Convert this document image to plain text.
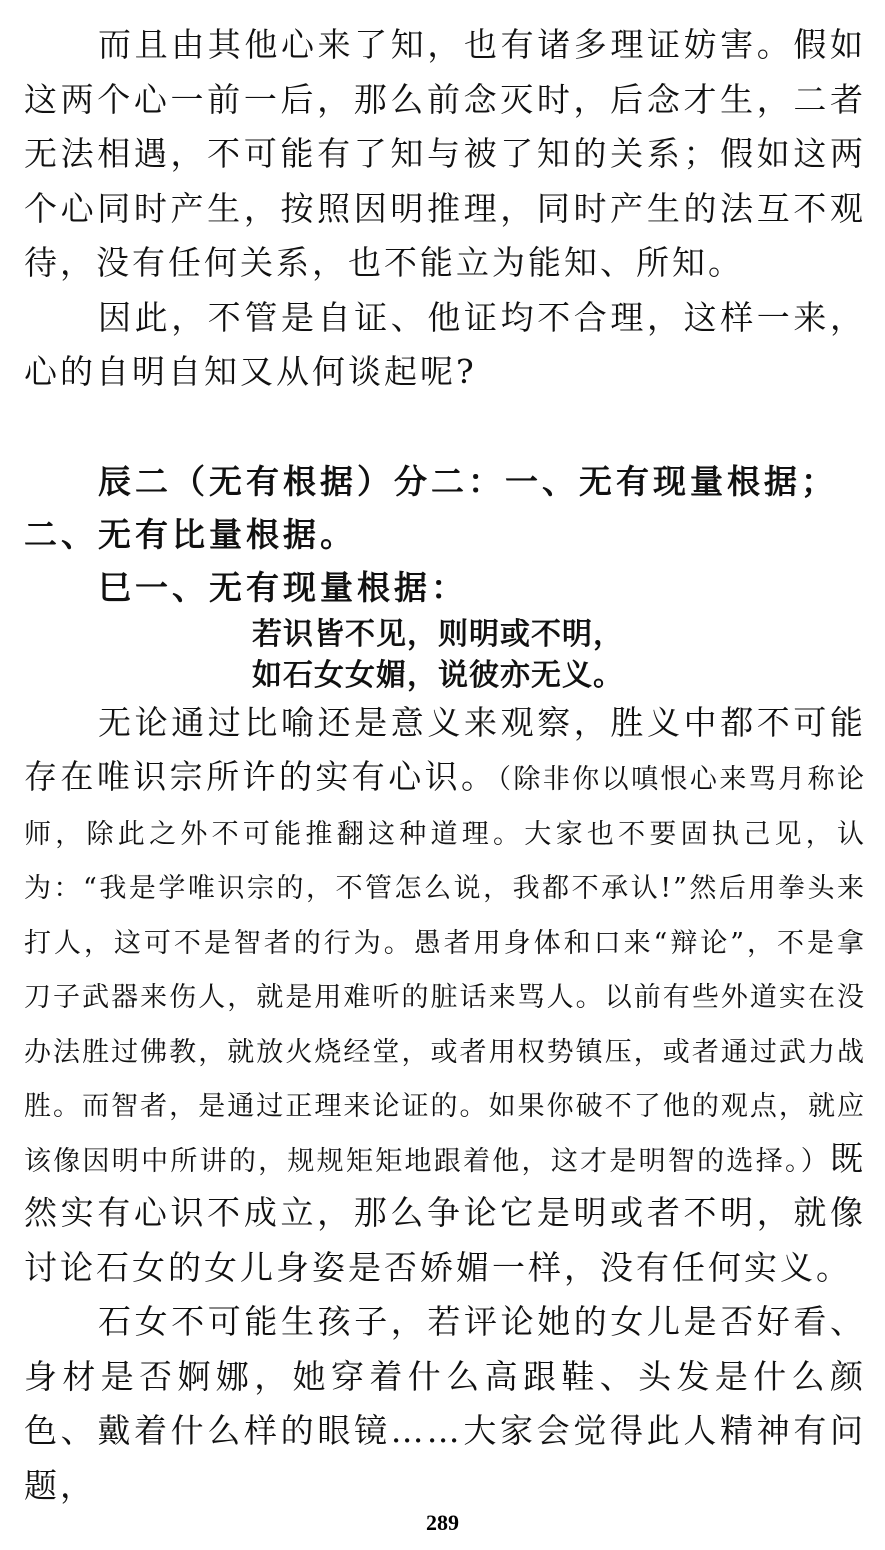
而且由其他心来了知，也有诸多理证妨害。假如这两个心一前一后，那么前念灭时，后念才生，二者无法相遇，不可能有了知与被了知的关系；假如这两个心同时产生，按照因明推理，同时产生的法互不观待，没有任何关系，也不能立为能知、所知。

因此，不管是自证、他证均不合理，这样一来，心的自明自知又从何谈起呢?

辰二（无有根据）分二：一、无有现量根据；二、无有比量根据。

巳一、无有现量根据：

若识皆不见，则明或不明，

如石女女媚，说彼亦无义。

无论通过比喻还是意义来观察，胜义中都不可能存在唯识宗所许的实有心识。（除非你以嗔恨心来骂月称论师，除此之外不可能推翻这种道理。大家也不要固执己见，认为：“我是学唯识宗的，不管怎么说，我都不承认!”然后用拳头来打人，这可不是智者的行为。愚者用身体和口来“辩论”，不是拿刀子武器来伤人，就是用难听的脏话来骂人。以前有些外道实在没办法胜过佛教，就放火烧经堂，或者用权势镇压，或者通过武力战胜。而智者，是通过正理来论证的。如果你破不了他的观点，就应该像因明中所讲的，规规矩矩地跟着他，这才是明智的选择。）既然实有心识不成立，那么争论它是明或者不明，就像讨论石女的女儿身姿是否娇媚一样，没有任何实义。

石女不可能生孩子，若评论她的女儿是否好看、身材是否婀娜，她穿着什么高跟鞋、头发是什么颜色、戴着什么样的眼镜……大家会觉得此人精神有问题，

289
